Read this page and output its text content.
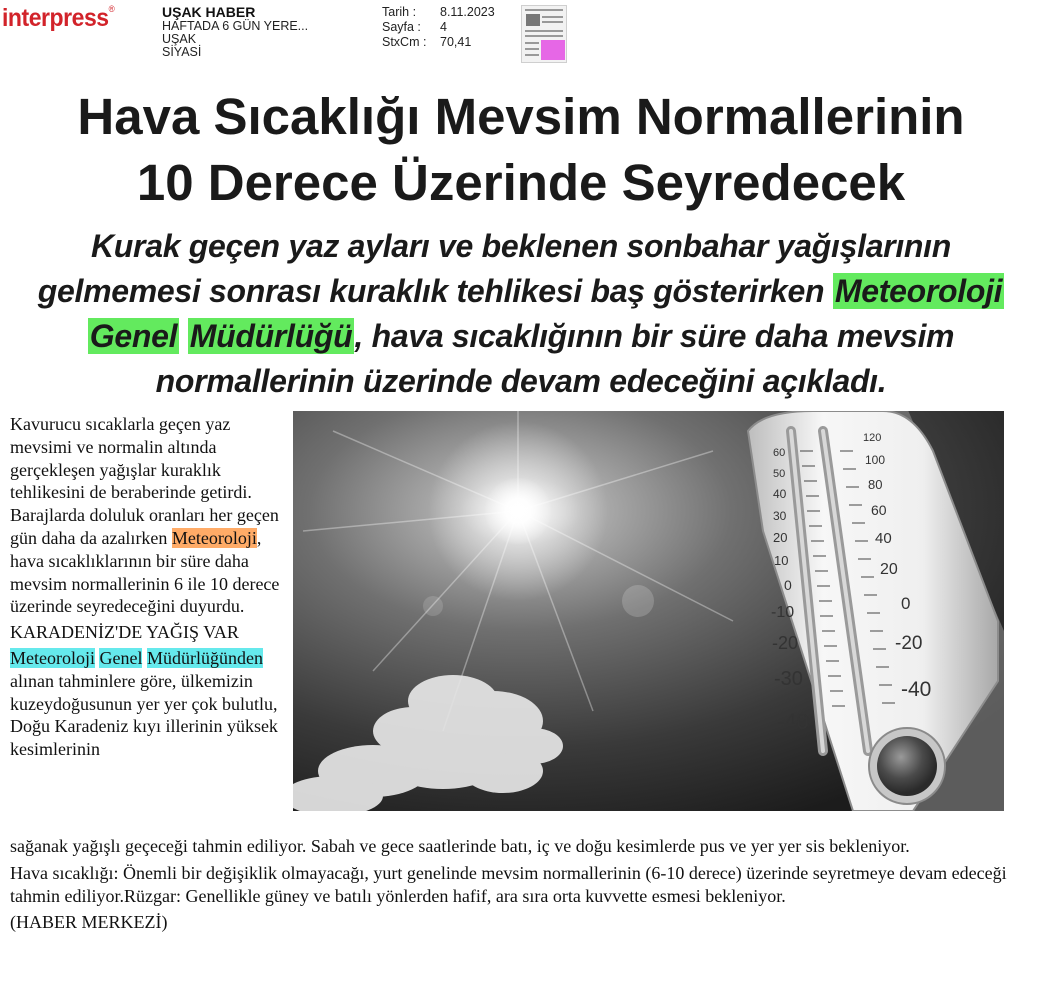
interpress®	UŞAK HABER
HAFTADA 6 GÜN YERE...
UŞAK
SİYASİ
Tarih :	8.11.2023
Sayfa :	4
StxCm :	70,41
Hava Sıcaklığı Mevsim Normallerinin
10 Derece Üzerinde Seyredecek
Kurak geçen yaz ayları ve beklenen sonbahar yağışlarının gelmemesi sonrası kuraklık tehlikesi baş gösterirken Meteoroloji Genel Müdürlüğü, hava sıcaklığının bir süre daha mevsim normallerinin üzerinde devam edeceğini açıkladı.

Kavurucu sıcaklarla geçen yaz mevsimi ve normalin altında gerçekleşen yağışlar kuraklık tehlikesini de beraberinde getirdi. Barajlarda doluluk oranları her geçen gün daha da azalırken Meteoroloji, hava sıcaklıklarının bir süre daha mevsim normallerinin 6 ile 10 derece üzerinde seyredeceğini duyurdu.

KARADENİZ'DE YAĞIŞ VAR

Meteoroloji Genel Müdürlüğünden alınan tahminlere göre, ülkemizin kuzeydoğusunun yer yer çok bulutlu, Doğu Karadeniz kıyı illerinin yüksek kesimlerinin

60
50
40
30
20
10
0
-10
-20
-30
-40
120
100
80
60
40
20
0
-20
-40

sağanak yağışlı geçeceği tahmin ediliyor. Sabah ve gece saatlerinde batı, iç ve doğu kesimlerde pus ve yer yer sis bekleniyor.

Hava sıcaklığı: Önemli bir değişiklik olmayacağı, yurt genelinde mevsim normallerinin (6-10 derece) üzerinde seyretmeye devam edeceği tahmin ediliyor.Rüzgar: Genellikle güney ve batılı yönlerden hafif, ara sıra orta kuvvette esmesi bekleniyor.

(HABER MERKEZİ)
